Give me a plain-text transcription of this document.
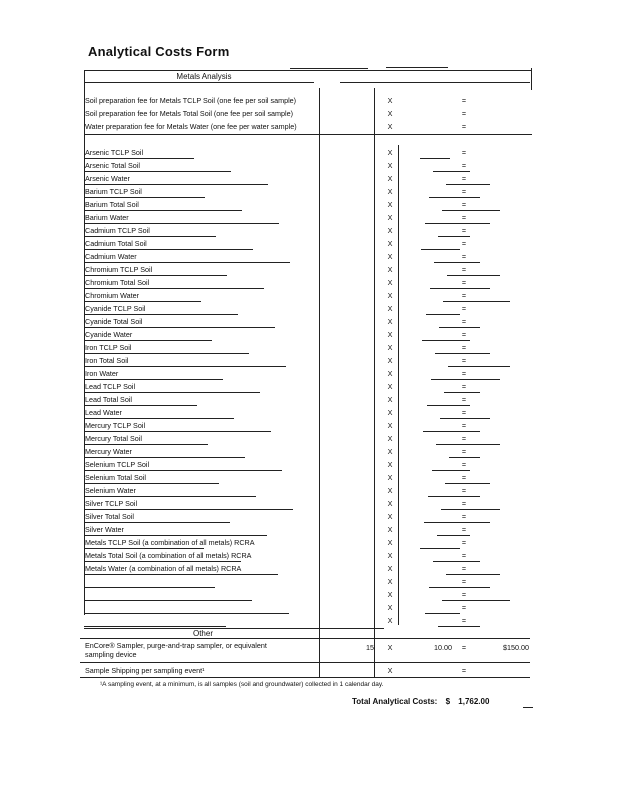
Analytical Costs Form
Metals Analysis
Soil preparation fee for Metals TCLP Soil (one fee per soil sample)	X	=
Soil preparation fee for Metals Total Soil (one fee per soil sample)	X	=
Water preparation fee for Metals Water (one fee per water sample)	X	=
Arsenic TCLP Soil	X	=
Arsenic Total Soil	X	=
Arsenic Water	X	=
Barium TCLP Soil	X	=
Barium Total Soil	X	=
Barium Water	X	=
Cadmium TCLP Soil	X	=
Cadmium Total Soil	X	=
Cadmium Water	X	=
Chromium TCLP Soil	X	=
Chromium Total Soil	X	=
Chromium Water	X	=
Cyanide TCLP Soil	X	=
Cyanide Total Soil	X	=
Cyanide Water	X	=
Iron TCLP Soil	X	=
Iron Total Soil	X	=
Iron Water	X	=
Lead TCLP Soil	X	=
Lead Total Soil	X	=
Lead Water	X	=
Mercury TCLP Soil	X	=
Mercury Total Soil	X	=
Mercury Water	X	=
Selenium TCLP Soil	X	=
Selenium Total Soil	X	=
Selenium Water	X	=
Silver TCLP Soil	X	=
Silver Total Soil	X	=
Silver Water	X	=
Metals TCLP Soil (a combination of all metals) RCRA	X	=
Metals Total Soil (a combination of all metals) RCRA	X	=
Metals Water (a combination of all metals) RCRA	X	=
X	=
X	=
X	=
X	=
Other
EnCore® Sampler, purge-and-trap sampler, or equivalent
sampling device
15	X	10.00 =	$150.00
Sample Shipping per sampling event¹	X	=
¹A sampling event, at a minimum, is all samples (soil and groundwater) collected in 1 calendar day.
Total Analytical Costs: $ 1,762.00
